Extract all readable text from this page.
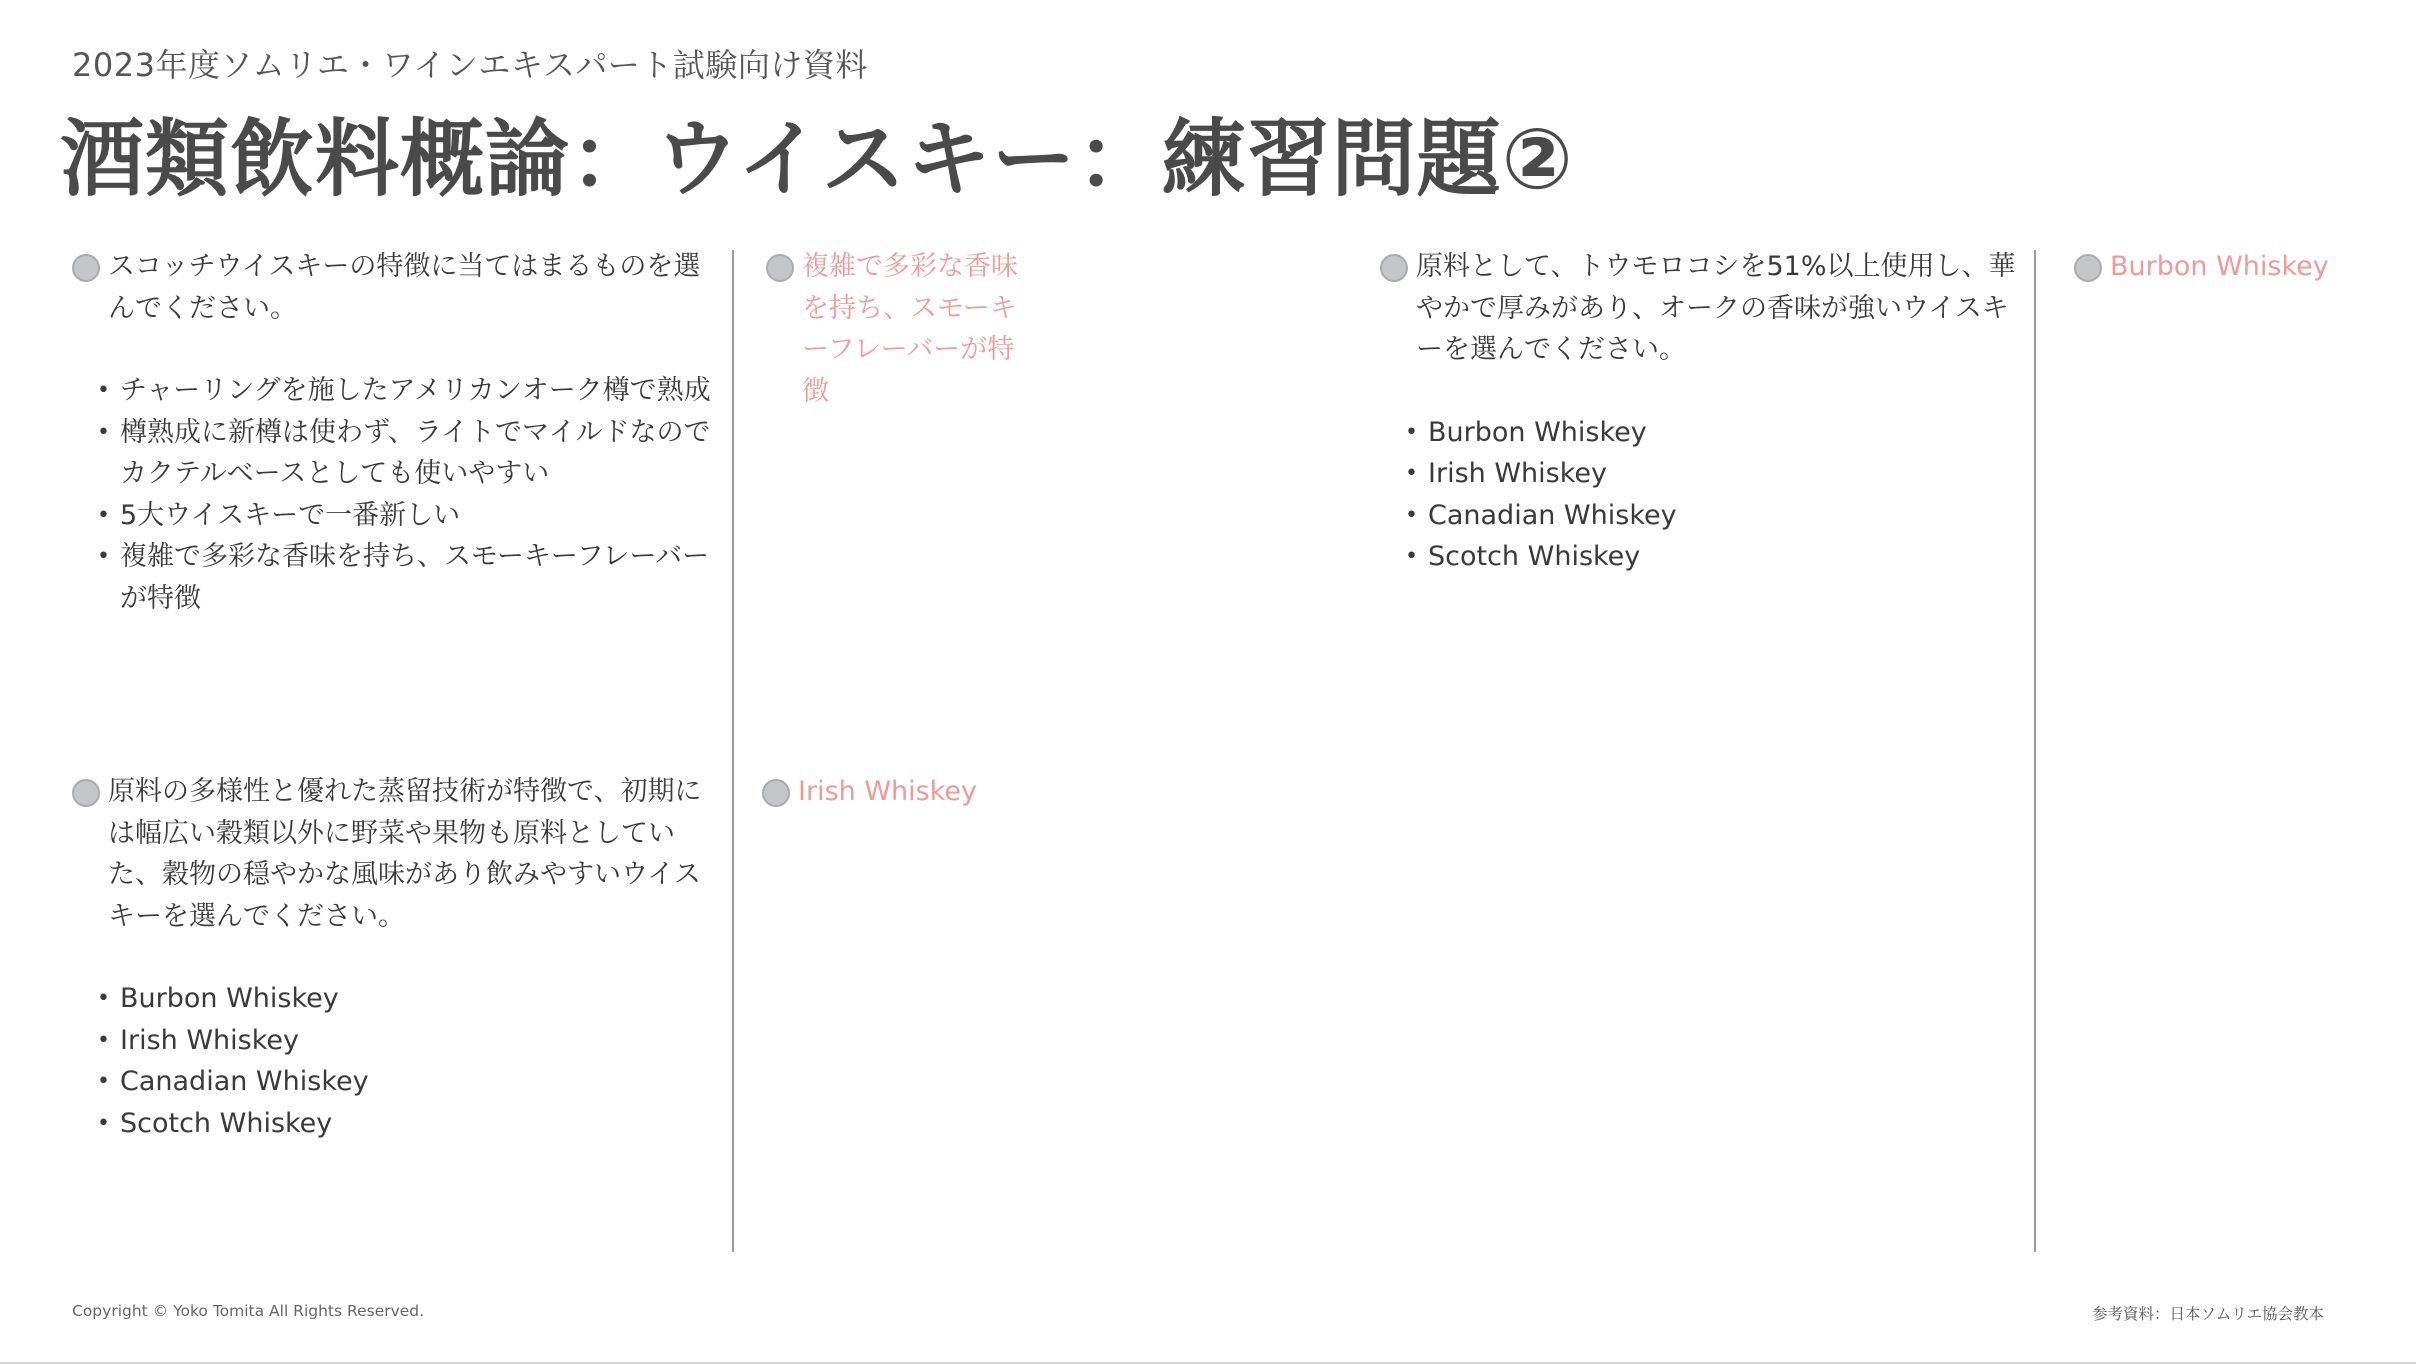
2023年度ソムリエ・ワインエキスパート試験向け資料
酒類飲料概論：ウイスキー：練習問題②
スコッチウイスキーの特徴に当てはまるものを選んでください。
• チャーリングを施したアメリカンオーク樽で熟成
• 樽熟成に新樽は使わず、ライトでマイルドなのでカクテルベースとしても使いやすい
• 5大ウイスキーで一番新しい
• 複雑で多彩な香味を持ち、スモーキーフレーバーが特徴
複雑で多彩な香味を持ち、スモーキーフレーバーが特徴
原料の多様性と優れた蒸留技術が特徴で、初期には幅広い穀類以外に野菜や果物も原料としていた、穀物の穏やかな風味があり飲みやすいウイスキーを選んでください。
• Burbon Whiskey
• Irish Whiskey
• Canadian Whiskey
• Scotch Whiskey
Irish Whiskey
原料として、トウモロコシを51%以上使用し、華やかで厚みがあり、オークの香味が強いウイスキーを選んでください。
• Burbon Whiskey
• Irish Whiskey
• Canadian Whiskey
• Scotch Whiskey
Burbon Whiskey
Copyright © Yoko Tomita All Rights Reserved.	参考資料：日本ソムリエ協会教本
